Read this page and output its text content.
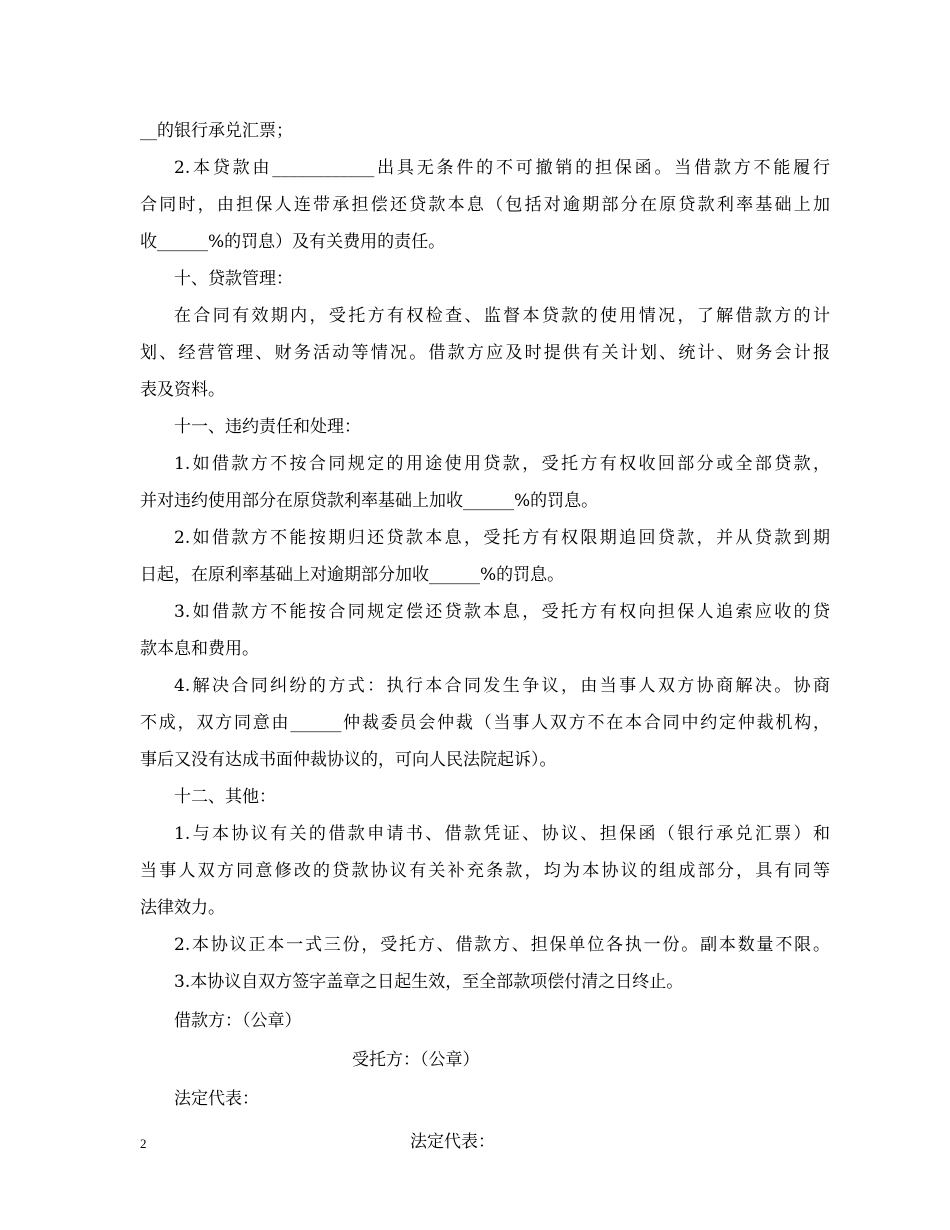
__的银行承兑汇票；
2.本贷款由____________出具无条件的不可撤销的担保函。当借款方不能履行
合同时，由担保人连带承担偿还贷款本息（包括对逾期部分在原贷款利率基础上加
收______%的罚息）及有关费用的责任。
十、贷款管理：
在合同有效期内，受托方有权检查、监督本贷款的使用情况，了解借款方的计
划、经营管理、财务活动等情况。借款方应及时提供有关计划、统计、财务会计报
表及资料。
十一、违约责任和处理：
1.如借款方不按合同规定的用途使用贷款，受托方有权收回部分或全部贷款，
并对违约使用部分在原贷款利率基础上加收______%的罚息。
2.如借款方不能按期归还贷款本息，受托方有权限期追回贷款，并从贷款到期
日起，在原利率基础上对逾期部分加收______%的罚息。
3.如借款方不能按合同规定偿还贷款本息，受托方有权向担保人追索应收的贷
款本息和费用。
4.解决合同纠纷的方式：执行本合同发生争议，由当事人双方协商解决。协商
不成，双方同意由______仲裁委员会仲裁（当事人双方不在本合同中约定仲裁机构，
事后又没有达成书面仲裁协议的，可向人民法院起诉）。
十二、其他：
1.与本协议有关的借款申请书、借款凭证、协议、担保函（银行承兑汇票）和
当事人双方同意修改的贷款协议有关补充条款，均为本协议的组成部分，具有同等
法律效力。
2.本协议正本一式三份，受托方、借款方、担保单位各执一份。副本数量不限。
3.本协议自双方签字盖章之日起生效，至全部款项偿付清之日终止。
借款方：（公章）
受托方：（公章）
法定代表：
法定代表：
2
